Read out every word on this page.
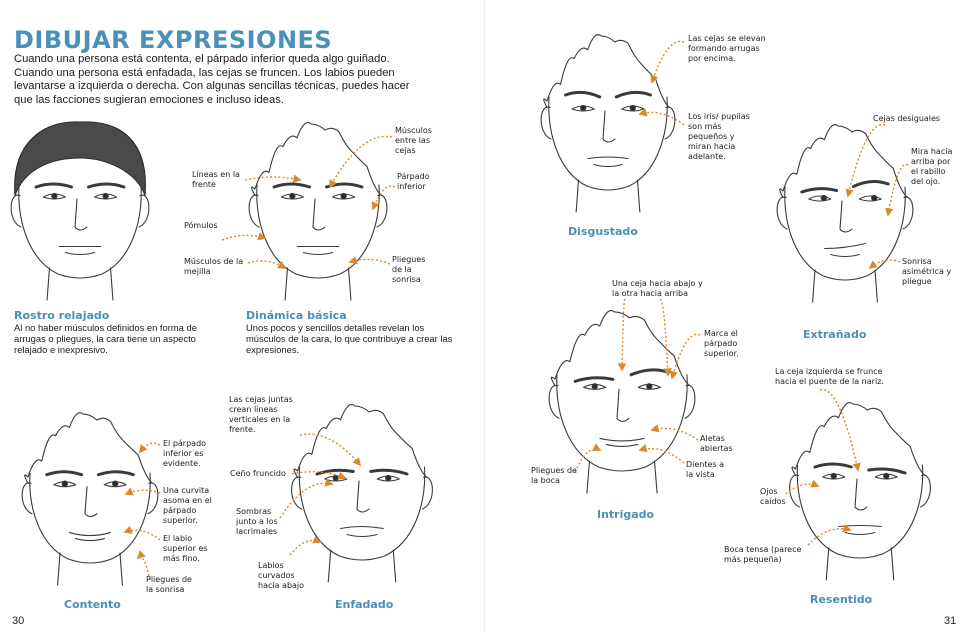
DIBUJAR EXPRESIONES
Cuando una persona está contenta, el párpado inferior queda algo guiñado. Cuando una persona está enfadada, las cejas se fruncen. Los labios pueden levantarse a izquierda o derecha. Con algunas sencillas técnicas, puedes hacer que las facciones sugieran emociones e incluso ideas.
Rostro relajado
Al no haber músculos definidos en forma de arrugas o pliegues, la cara tiene un aspecto relajado e inexpresivo.
Dinámica básica
Unos pocos y sencillos detalles revelan los músculos de la cara, lo que contribuye a crear las expresiones.
Líneas en la frente
Pómulos
Músculos de la mejilla
Músculos entre las cejas
Párpado inferior
Pliegues de la sonrisa
El párpado inferior es evidente.
Una curvita asoma en el párpado superior.
El labio superior es más fino.
Pliegues de la sonrisa
Contento
Las cejas juntas crean líneas verticales en la frente.
Ceño fruncido
Sombras junto a los lacrimales
Labios curvados hacia abajo
Enfadado
30
Las cejas se elevan formando arrugas por encima.
Los iris/ pupilas son más pequeños y miran hacia adelante.
Disgustado
Cejas desiguales
Mira hacia arriba por el rabillo del ojo.
Sonrisa asimétrica y pliegue
Extrañado
Una ceja hacia abajo y la otra hacia arriba
Marca el párpado superior.
Aletas abiertas
Dientes a la vista
Pliegues de la boca
Intrigado
La ceja izquierda se frunce hacia el puente de la nariz.
Ojos caídos
Boca tensa (parece más pequeña)
Resentido
31
